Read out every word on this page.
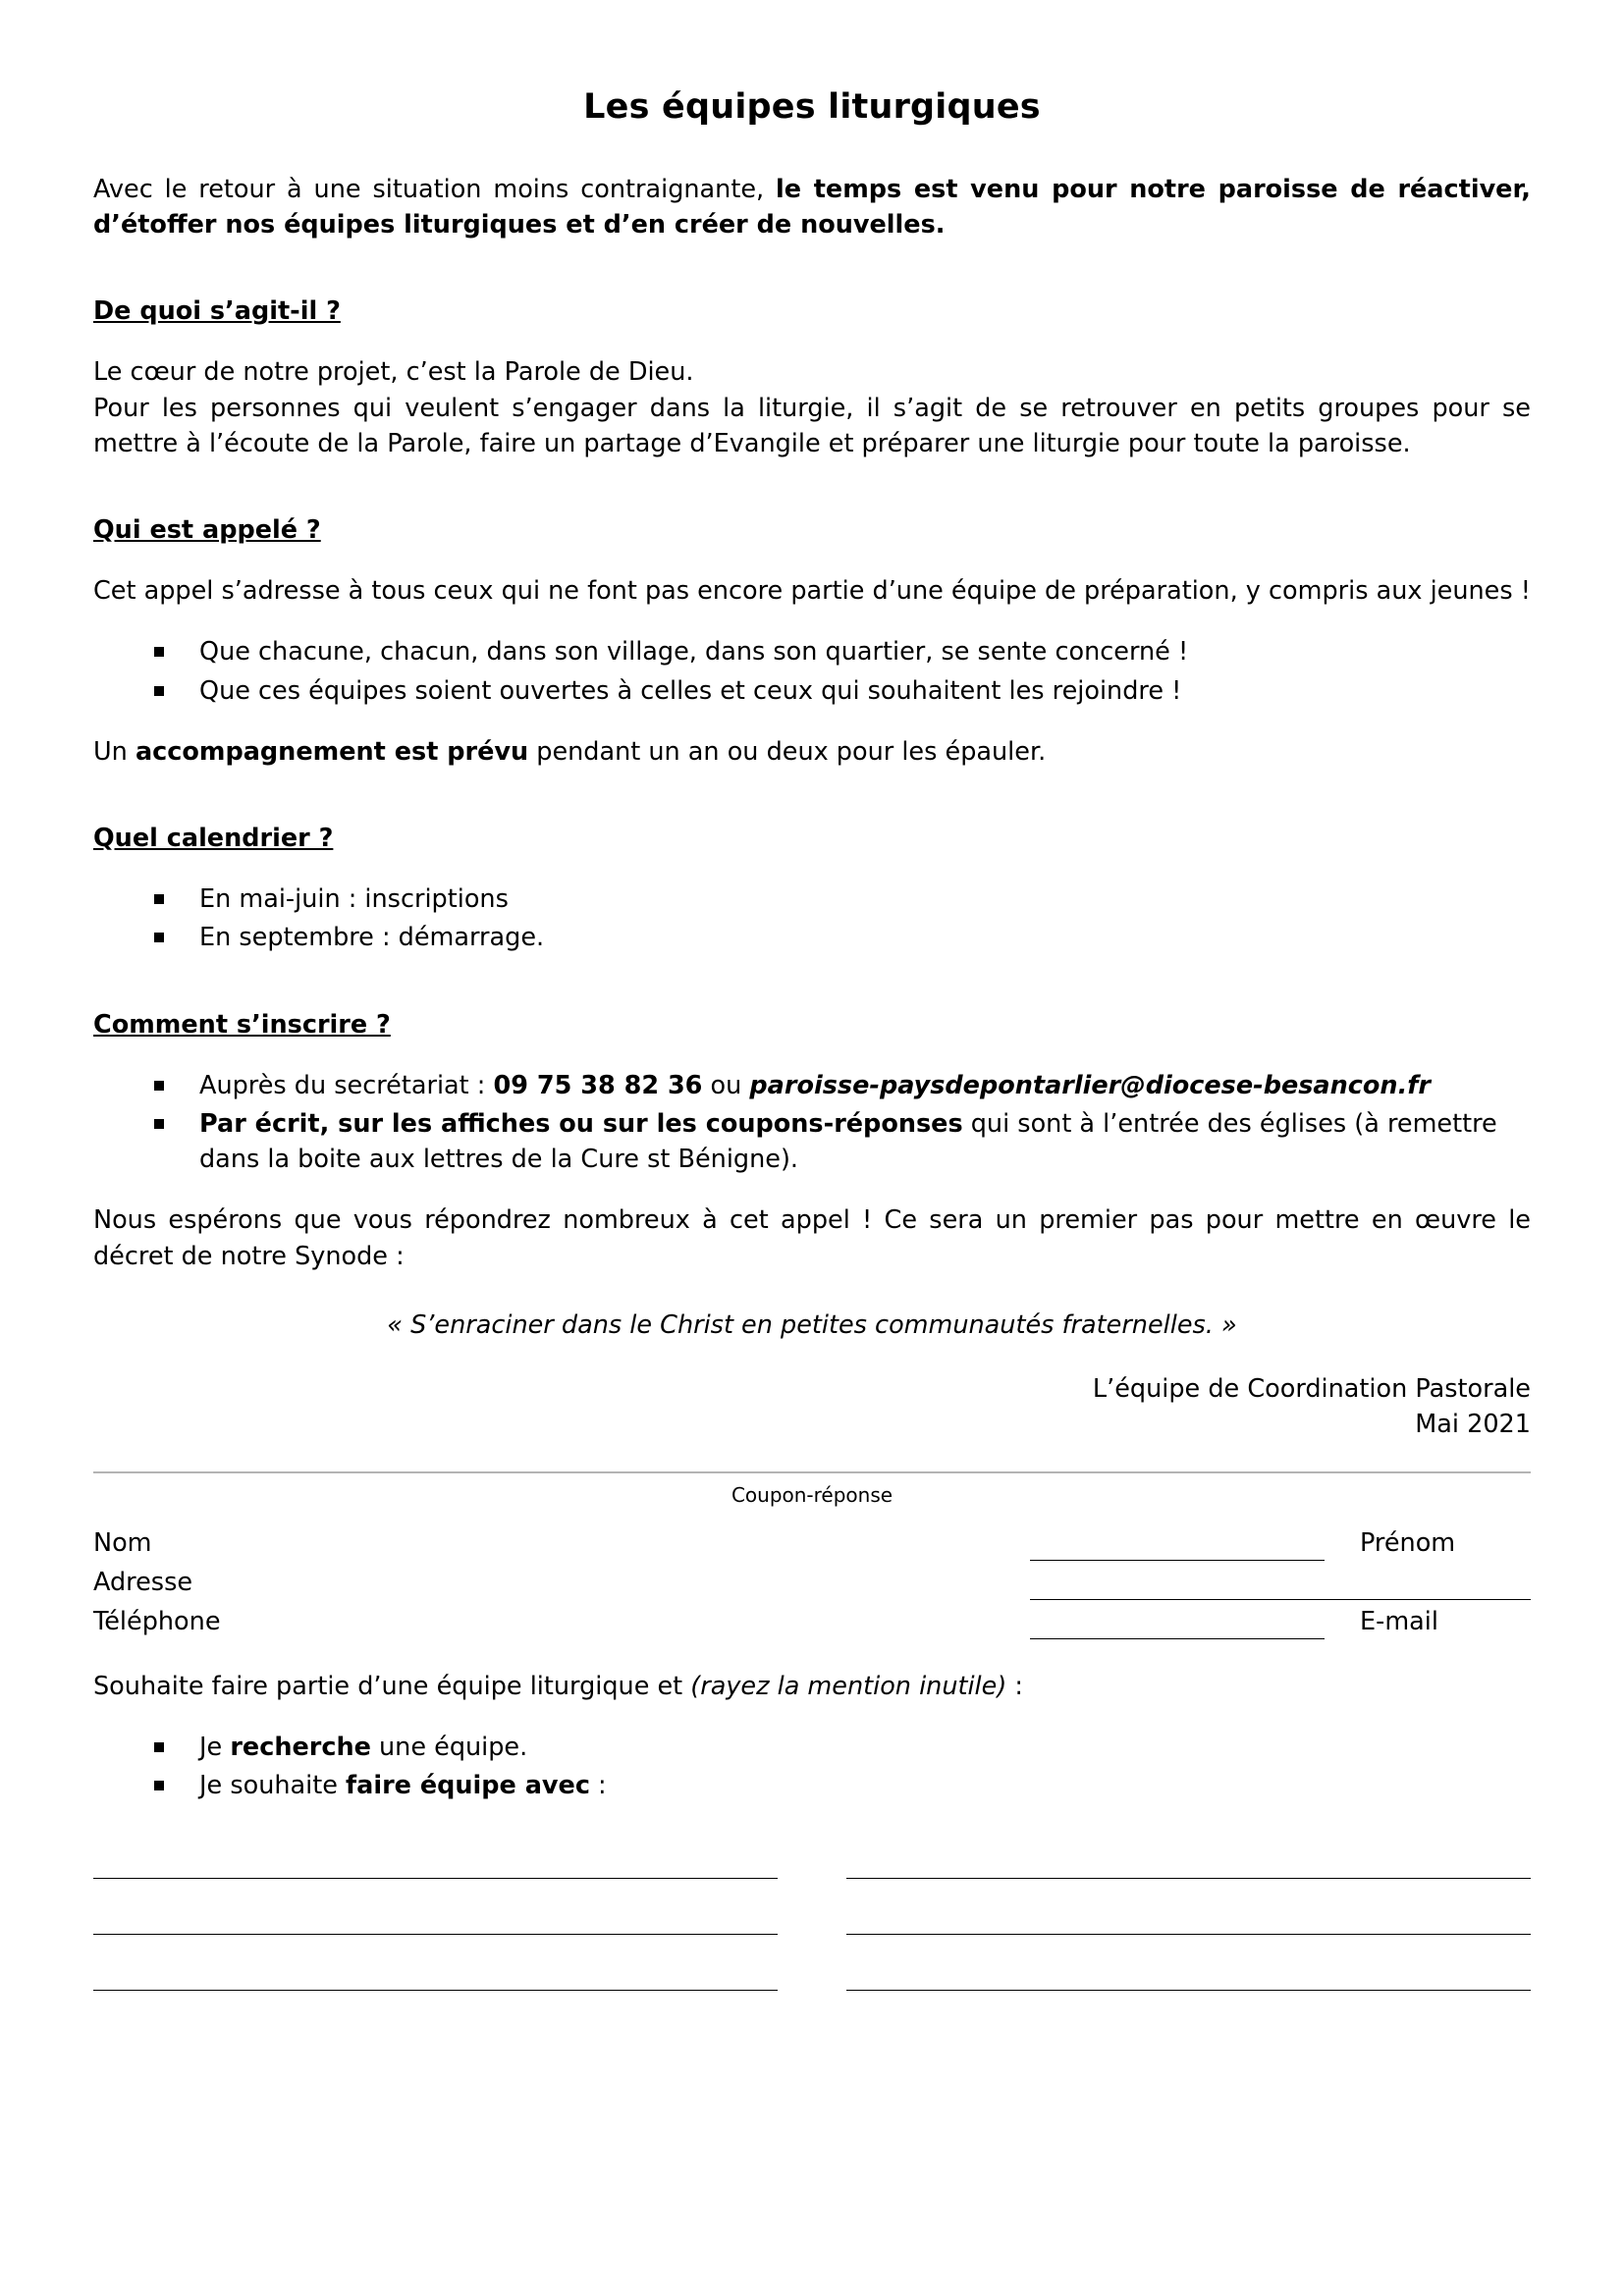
Les équipes liturgiques

Avec le retour à une situation moins contraignante, le temps est venu pour notre paroisse de réactiver, d’étoffer nos équipes liturgiques et d’en créer de nouvelles.

De quoi s’agit-il ?

Le cœur de notre projet, c’est la Parole de Dieu.

Pour les personnes qui veulent s’engager dans la liturgie, il s’agit de se retrouver en petits groupes pour se mettre à l’écoute de la Parole, faire un partage d’Evangile et préparer une liturgie pour toute la paroisse.

Qui est appelé ?

Cet appel s’adresse à tous ceux qui ne font pas encore partie d’une équipe de préparation, y compris aux jeunes !

Que chacune, chacun, dans son village, dans son quartier, se sente concerné !
Que ces équipes soient ouvertes à celles et ceux qui souhaitent les rejoindre !

Un accompagnement est prévu pendant un an ou deux pour les épauler.

Quel calendrier ?

En mai-juin : inscriptions
En septembre : démarrage.

Comment s’inscrire ?

Auprès du secrétariat : 09 75 38 82 36 ou paroisse-paysdepontarlier@diocese-besancon.fr
Par écrit, sur les affiches ou sur les coupons-réponses qui sont à l’entrée des églises (à remettre dans la boite aux lettres de la Cure st Bénigne).

Nous espérons que vous répondrez nombreux à cet appel ! Ce sera un premier pas pour mettre en œuvre le décret de notre Synode :

« S’enraciner dans le Christ en petites communautés fraternelles. »

L’équipe de Coordination Pastorale
Mai 2021
Coupon-réponse
Nom		Prénom	

Adresse			

Téléphone		E-mail	

Souhaite faire partie d’une équipe liturgique et (rayez la mention inutile) :

Je recherche une équipe.
Je souhaite faire équipe avec :
